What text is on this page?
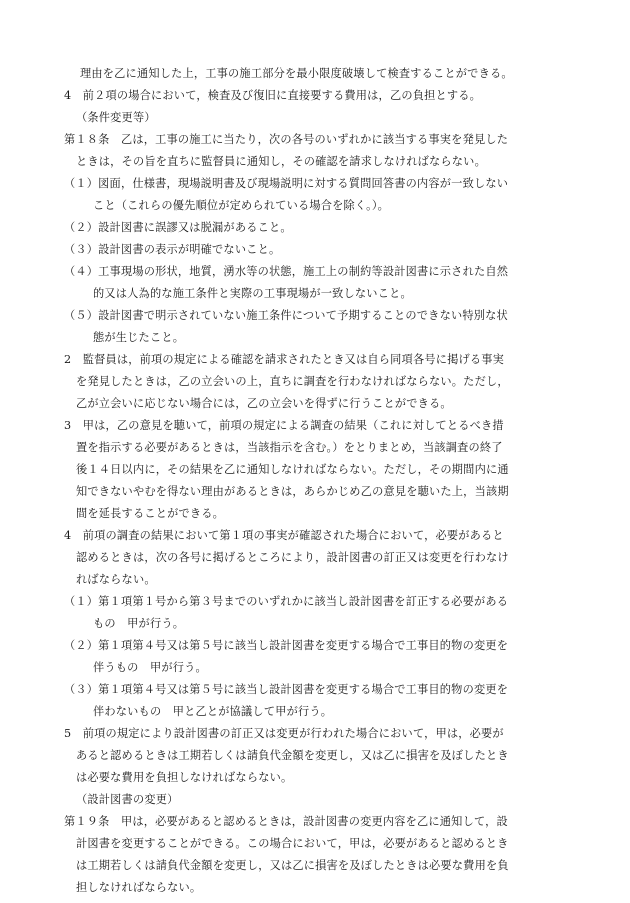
理由を乙に通知した上，工事の施工部分を最小限度破壊して検査することができる。
4　前２項の場合において，検査及び復旧に直接要する費用は，乙の負担とする。
（条件変更等）
第１８条　乙は，工事の施工に当たり，次の各号のいずれかに該当する事実を発見した
ときは，その旨を直ちに監督員に通知し，その確認を請求しなければならない。
（１）図面，仕様書，現場説明書及び現場説明に対する質問回答書の内容が一致しない
こと（これらの優先順位が定められている場合を除く。）。
（２）設計図書に誤謬又は脱漏があること。
（３）設計図書の表示が明確でないこと。
（４）工事現場の形状，地質，湧水等の状態，施工上の制約等設計図書に示された自然
的又は人為的な施工条件と実際の工事現場が一致しないこと。
（５）設計図書で明示されていない施工条件について予期することのできない特別な状
態が生じたこと。
2　監督員は，前項の規定による確認を請求されたとき又は自ら同項各号に掲げる事実
を発見したときは，乙の立会いの上，直ちに調査を行わなければならない。ただし，
乙が立会いに応じない場合には，乙の立会いを得ずに行うことができる。
3　甲は，乙の意見を聴いて，前項の規定による調査の結果（これに対してとるべき措
置を指示する必要があるときは，当該指示を含む。）をとりまとめ，当該調査の終了
後１４日以内に，その結果を乙に通知しなければならない。ただし，その期間内に通
知できないやむを得ない理由があるときは，あらかじめ乙の意見を聴いた上，当該期
間を延長することができる。
4　前項の調査の結果において第１項の事実が確認された場合において，必要があると
認めるときは，次の各号に掲げるところにより，設計図書の訂正又は変更を行わなけ
ればならない。
（１）第１項第１号から第３号までのいずれかに該当し設計図書を訂正する必要がある
もの　甲が行う。
（２）第１項第４号又は第５号に該当し設計図書を変更する場合で工事目的物の変更を
伴うもの　甲が行う。
（３）第１項第４号又は第５号に該当し設計図書を変更する場合で工事目的物の変更を
伴わないもの　甲と乙とが協議して甲が行う。
5　前項の規定により設計図書の訂正又は変更が行われた場合において，甲は，必要が
あると認めるときは工期若しくは請負代金額を変更し，又は乙に損害を及ぼしたとき
は必要な費用を負担しなければならない。
（設計図書の変更）
第１９条　甲は，必要があると認めるときは，設計図書の変更内容を乙に通知して，設
計図書を変更することができる。この場合において，甲は，必要があると認めるとき
は工期若しくは請負代金額を変更し，又は乙に損害を及ぼしたときは必要な費用を負
担しなければならない。
